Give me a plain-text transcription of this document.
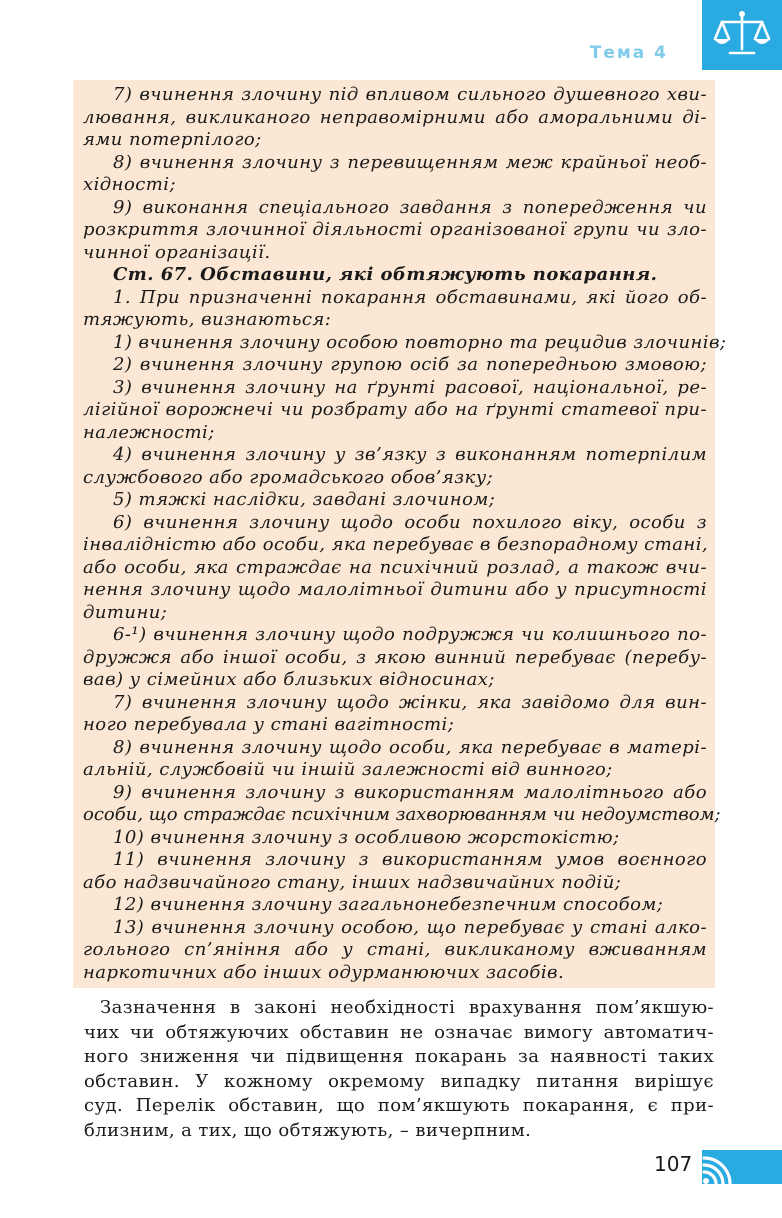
Тема 4
7) вчинення злочину під впливом сильного душевного хви-
лювання, викликаного неправомірними або аморальними ді-
ями потерпілого;
8) вчинення злочину з перевищенням меж крайньої необ-
хідності;
9) виконання спеціального завдання з попередження чи
розкриття злочинної діяльності організованої групи чи зло-
чинної організації.
Ст. 67. Обставини, які обтяжують покарання.
1. При призначенні покарання обставинами, які його об-
тяжують, визнаються:
1) вчинення злочину особою повторно та рецидив злочинів;
2) вчинення злочину групою осіб за попередньою змовою;
3) вчинення злочину на ґрунті расової, національної, ре-
лігійної ворожнечі чи розбрату або на ґрунті статевої при-
належності;
4) вчинення злочину у зв’язку з виконанням потерпілим
службового або громадського обов’язку;
5) тяжкі наслідки, завдані злочином;
6) вчинення злочину щодо особи похилого віку, особи з
інвалідністю або особи, яка перебуває в безпорадному стані,
або особи, яка страждає на психічний розлад, а також вчи-
нення злочину щодо малолітньої дитини або у присутності
дитини;
6-¹) вчинення злочину щодо подружжя чи колишнього по-
дружжя або іншої особи, з якою винний перебуває (перебу-
вав) у сімейних або близьких відносинах;
7) вчинення злочину щодо жінки, яка завідомо для вин-
ного перебувала у стані вагітності;
8) вчинення злочину щодо особи, яка перебуває в матері-
альній, службовій чи іншій залежності від винного;
9) вчинення злочину з використанням малолітнього або
особи, що страждає психічним захворюванням чи недоумством;
10) вчинення злочину з особливою жорстокістю;
11) вчинення злочину з використанням умов воєнного
або надзвичайного стану, інших надзвичайних подій;
12) вчинення злочину загальнонебезпечним способом;
13) вчинення злочину особою, що перебуває у стані алко-
гольного сп’яніння або у стані, викликаному вживанням
наркотичних або інших одурманюючих засобів.
Зазначення в законі необхідності врахування пом’якшую-
чих чи обтяжуючих обставин не означає вимогу автоматич-
ного зниження чи підвищення покарань за наявності таких
обставин. У кожному окремому випадку питання вирішує
суд. Перелік обставин, що пом’якшують покарання, є при-
близним, а тих, що обтяжують, – вичерпним.
107
